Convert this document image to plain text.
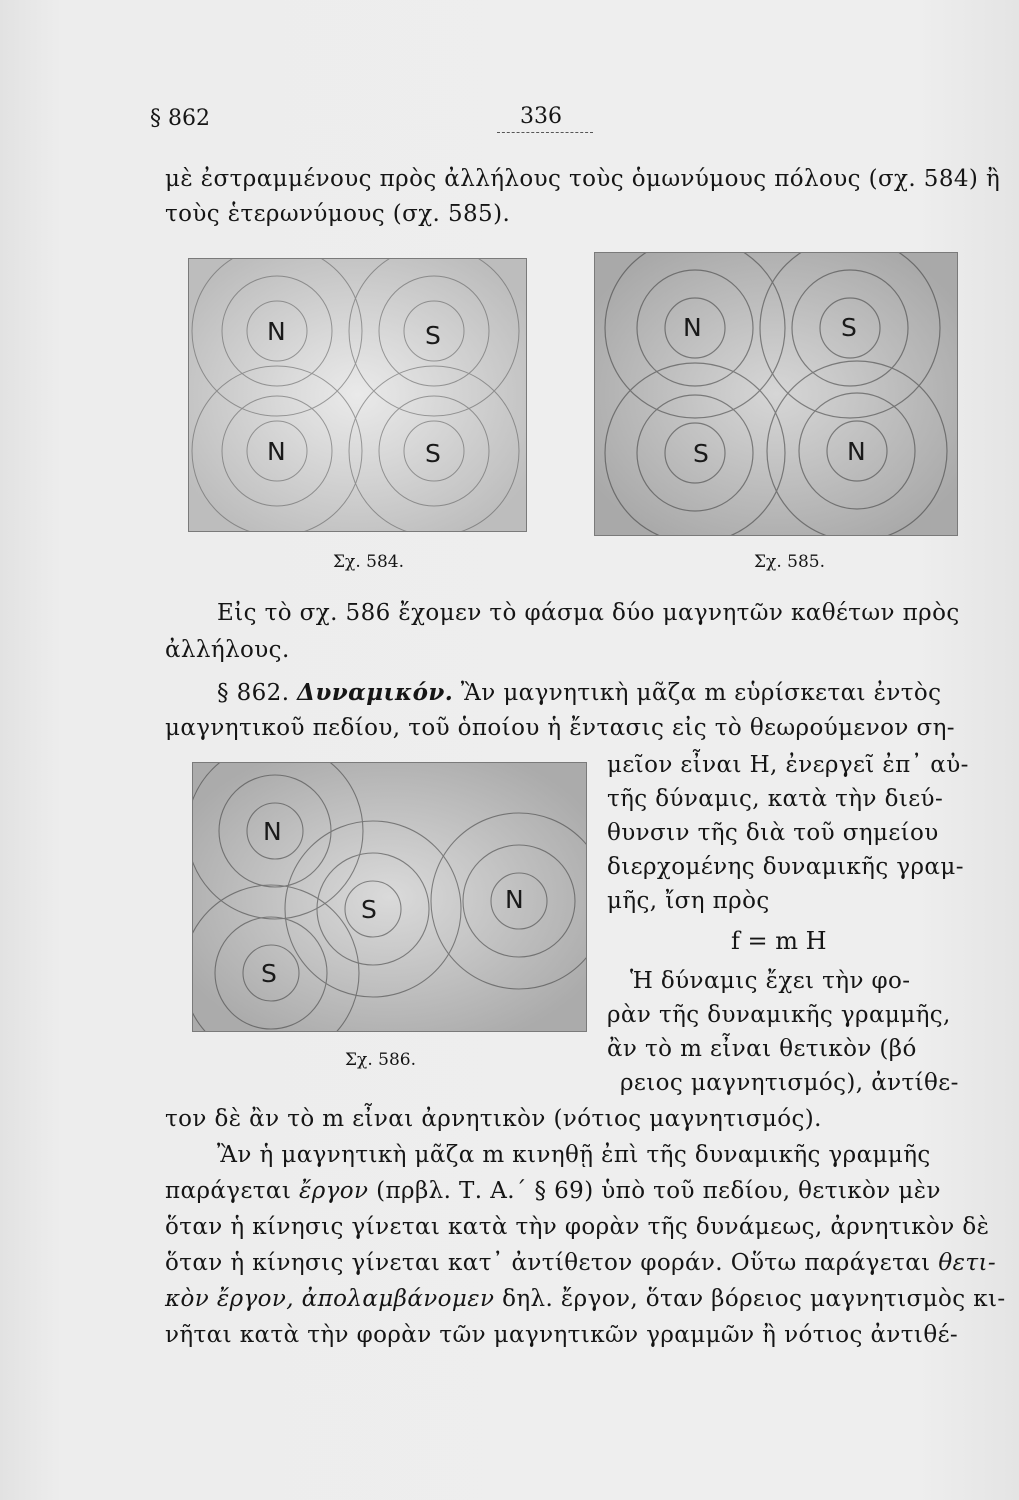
§ 862	336
μὲ ἐστραμμένους πρὸς ἀλλήλους τοὺς ὁμωνύμους πόλους (σχ. 584) ἢ
τοὺς ἑτερωνύμους (σχ. 585).
N	S
N	S
Σχ. 584.
N	S
S	N
Σχ. 585.
Εἰς τὸ σχ. 586 ἔχομεν τὸ φάσμα δύο μαγνητῶν καθέτων πρὸς
ἀλλήλους.
§ 862. Δυναμικόν. Ἂν μαγνητικὴ μᾶζα m εὑρίσκεται ἐντὸς
μαγνητικοῦ πεδίου, τοῦ ὁποίου ἡ ἔντασις εἰς τὸ θεωρούμενον ση-
N
S	N
S
Σχ. 586.
μεῖον εἶναι H, ἐνεργεῖ ἐπ᾽ αὐ-
τῆς δύναμις, κατὰ τὴν διεύ-
θυνσιν τῆς διὰ τοῦ σημείου
διερχομένης δυναμικῆς γραμ-
μῆς, ἴση πρὸς
f = m H
Ἡ δύναμις ἔχει τὴν φο-
ρὰν τῆς δυναμικῆς γραμμῆς,
ἂν τὸ m εἶναι θετικὸν (βό
ρειος μαγνητισμός), ἀντίθε-
τον δὲ ἂν τὸ m εἶναι ἀρνητικὸν (νότιος μαγνητισμός).
Ἂν ἡ μαγνητικὴ μᾶζα m κινηθῇ ἐπὶ τῆς δυναμικῆς γραμμῆς
παράγεται ἔργον (πρβλ. Τ. Α.´ § 69) ὑπὸ τοῦ πεδίου, θετικὸν μὲν
ὅταν ἡ κίνησις γίνεται κατὰ τὴν φορὰν τῆς δυνάμεως, ἀρνητικὸν δὲ
ὅταν ἡ κίνησις γίνεται κατ᾽ ἀντίθετον φοράν. Οὕτω παράγεται θετι-
κὸν ἔργον, ἀπολαμβάνομεν δηλ. ἔργον, ὅταν βόρειος μαγνητισμὸς κι-
νῆται κατὰ τὴν φορὰν τῶν μαγνητικῶν γραμμῶν ἢ νότιος ἀντιθέ-
